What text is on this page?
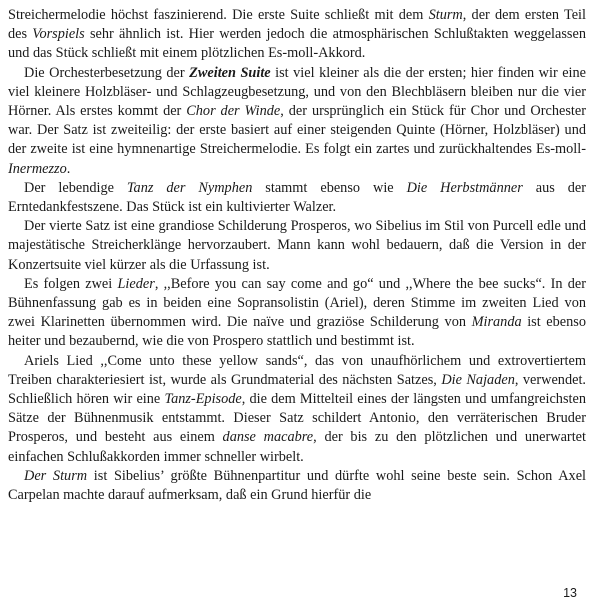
Streichermelodie höchst faszinierend. Die erste Suite schließt mit dem Sturm, der dem ersten Teil des Vorspiels sehr ähnlich ist. Hier werden jedoch die atmosphärischen Schlußtakten weggelassen und das Stück schließt mit einem plötzlichen Es-moll-Akkord.

Die Orchesterbesetzung der Zweiten Suite ist viel kleiner als die der ersten; hier finden wir eine viel kleinere Holzbläser- und Schlagzeugbesetzung, und von den Blechbläsern bleiben nur die vier Hörner. Als erstes kommt der Chor der Winde, der ursprünglich ein Stück für Chor und Orchester war. Der Satz ist zweiteilig: der erste basiert auf einer steigenden Quinte (Hörner, Holzbläser) und der zweite ist eine hymnenartige Streichermelodie. Es folgt ein zartes und zurückhaltendes Es-moll-Inermezzo.

Der lebendige Tanz der Nymphen stammt ebenso wie Die Herbstmänner aus der Erntedankfestszene. Das Stück ist ein kultivierter Walzer.

Der vierte Satz ist eine grandiose Schilderung Prosperos, wo Sibelius im Stil von Purcell edle und majestätische Streicherklänge hervorzaubert. Mann kann wohl bedauern, daß die Version in der Konzertsuite viel kürzer als die Urfassung ist.

Es folgen zwei Lieder, ,,Before you can say come and go“ und ,,Where the bee sucks“. In der Bühnenfassung gab es in beiden eine Sopransolistin (Ariel), deren Stimme im zweiten Lied von zwei Klarinetten übernommen wird. Die naïve und graziöse Schilderung von Miranda ist ebenso heiter und bezaubernd, wie die von Prospero stattlich und bestimmt ist.

Ariels Lied ,,Come unto these yellow sands“, das von unaufhörlichem und extrovertiertem Treiben charakteriesiert ist, wurde als Grundmaterial des nächsten Satzes, Die Najaden, verwendet. Schließlich hören wir eine Tanz-Episode, die dem Mittelteil eines der längsten und umfangreichsten Sätze der Bühnenmusik entstammt. Dieser Satz schildert Antonio, den verräterischen Bruder Prosperos, und besteht aus einem danse macabre, der bis zu den plötzlichen und unerwartet einfachen Schlußakkorden immer schneller wirbelt.

Der Sturm ist Sibelius’ größte Bühnenpartitur und dürfte wohl seine beste sein. Schon Axel Carpelan machte darauf aufmerksam, daß ein Grund hierfür die

13
